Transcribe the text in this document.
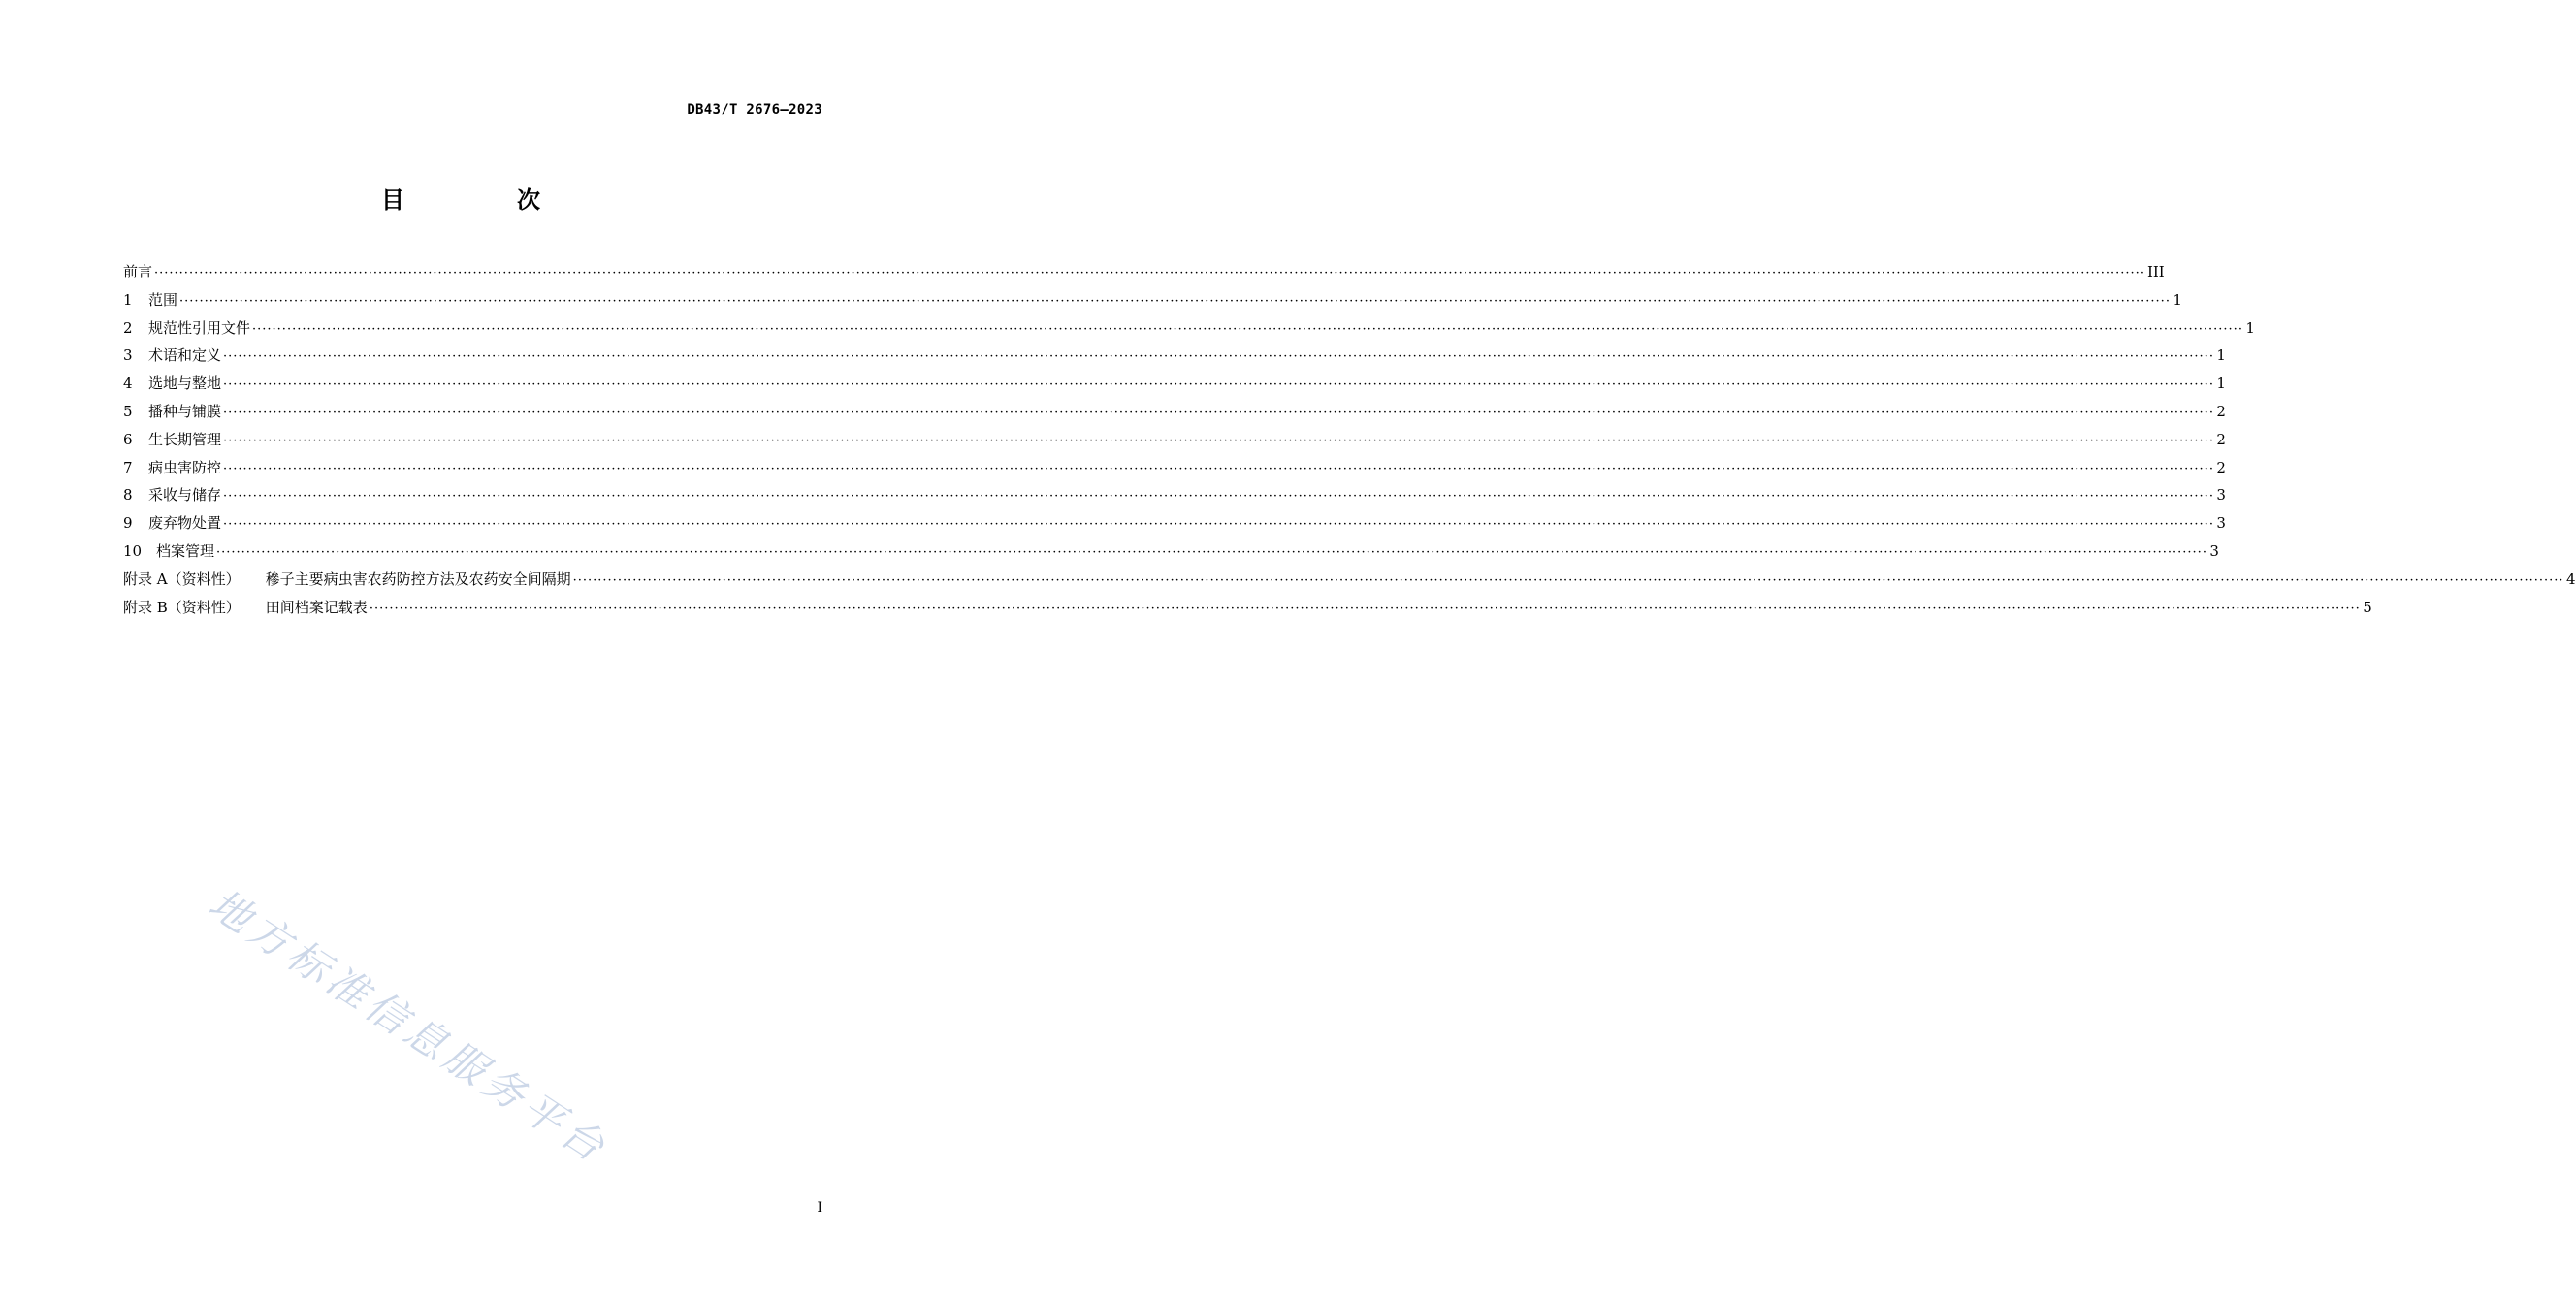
DB43/T 2676—2023
目　次
前言 ················································································································································································································································································································································································································ III
1	范围 ················································································································································································································································································································································································································ 1
2	规范性引用文件 ················································································································································································································································································································································································································ 1
3	术语和定义 ················································································································································································································································································································································································································ 1
4	选地与整地 ················································································································································································································································································································································································································ 1
5	播种与铺膜 ················································································································································································································································································································································································································ 2
6	生长期管理 ················································································································································································································································································································································································································ 2
7	病虫害防控 ················································································································································································································································································································································································································ 2
8	采收与储存 ················································································································································································································································································································································································································ 3
9	废弃物处置 ················································································································································································································································································································································································································ 3
10 档案管理 ················································································································································································································································································································································································································ 3
附录 A（资料性） 穇子主要病虫害农药防控方法及农药安全间隔期 ················································································································································································································································································································································································································ 4
附录 B（资料性） 田间档案记载表 ················································································································································································································································································································································································································ 5
地方标准信息服务平台
I
